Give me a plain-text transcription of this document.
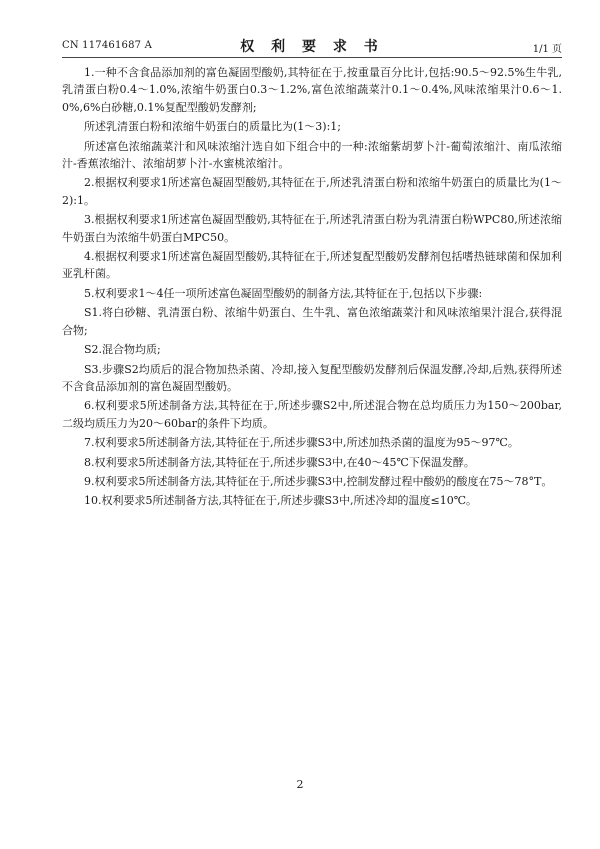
CN 117461687 A	权 利 要 求 书	1/1 页

1.一种不含食品添加剂的富色凝固型酸奶,其特征在于,按重量百分比计,包括:90.5～92.5%生牛乳,乳清蛋白粉0.4～1.0%,浓缩牛奶蛋白0.3～1.2%,富色浓缩蔬菜汁0.1～0.4%,风味浓缩果汁0.6～1.0%,6%白砂糖,0.1%复配型酸奶发酵剂;

所述乳清蛋白粉和浓缩牛奶蛋白的质量比为(1～3):1;

所述富色浓缩蔬菜汁和风味浓缩汁选自如下组合中的一种:浓缩紫胡萝卜汁-葡萄浓缩汁、南瓜浓缩汁-香蕉浓缩汁、浓缩胡萝卜汁-水蜜桃浓缩汁。

2.根据权利要求1所述富色凝固型酸奶,其特征在于,所述乳清蛋白粉和浓缩牛奶蛋白的质量比为(1～2):1。

3.根据权利要求1所述富色凝固型酸奶,其特征在于,所述乳清蛋白粉为乳清蛋白粉WPC80,所述浓缩牛奶蛋白为浓缩牛奶蛋白MPC50。

4.根据权利要求1所述富色凝固型酸奶,其特征在于,所述复配型酸奶发酵剂包括嗜热链球菌和保加利亚乳杆菌。

5.权利要求1～4任一项所述富色凝固型酸奶的制备方法,其特征在于,包括以下步骤:

S1.将白砂糖、乳清蛋白粉、浓缩牛奶蛋白、生牛乳、富色浓缩蔬菜汁和风味浓缩果汁混合,获得混合物;

S2.混合物均质;

S3.步骤S2均质后的混合物加热杀菌、冷却,接入复配型酸奶发酵剂后保温发酵,冷却,后熟,获得所述不含食品添加剂的富色凝固型酸奶。

6.权利要求5所述制备方法,其特征在于,所述步骤S2中,所述混合物在总均质压力为150～200bar,二级均质压力为20～60bar的条件下均质。

7.权利要求5所述制备方法,其特征在于,所述步骤S3中,所述加热杀菌的温度为95～97℃。

8.权利要求5所述制备方法,其特征在于,所述步骤S3中,在40～45℃下保温发酵。

9.权利要求5所述制备方法,其特征在于,所述步骤S3中,控制发酵过程中酸奶的酸度在75～78°T。

10.权利要求5所述制备方法,其特征在于,所述步骤S3中,所述冷却的温度≤10℃。

2
